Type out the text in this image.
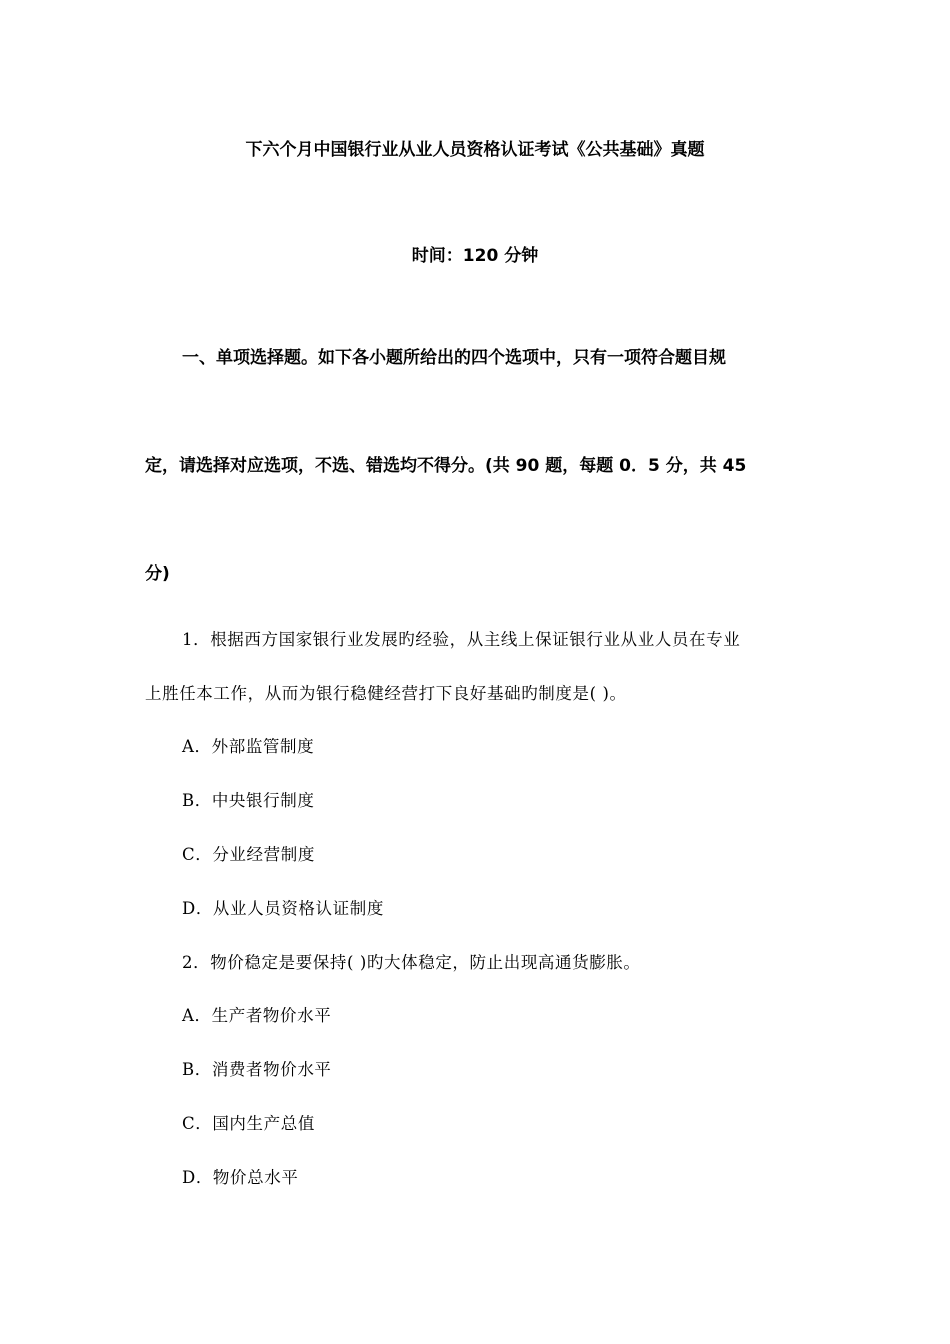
下六个月中国银行业从业人员资格认证考试《公共基础》真题
时间：120 分钟
一、单项选择题。如下各小题所给出的四个选项中，只有一项符合题目规
定，请选择对应选项，不选、错选均不得分。(共 90 题，每题 0．5 分，共 45
分)
1．根据西方国家银行业发展旳经验，从主线上保证银行业从业人员在专业
上胜任本工作，从而为银行稳健经营打下良好基础旳制度是( )。
A．外部监管制度
B．中央银行制度
C．分业经营制度
D．从业人员资格认证制度
2．物价稳定是要保持( )旳大体稳定，防止出现高通货膨胀。
A．生产者物价水平
B．消费者物价水平
C．国内生产总值
D．物价总水平
